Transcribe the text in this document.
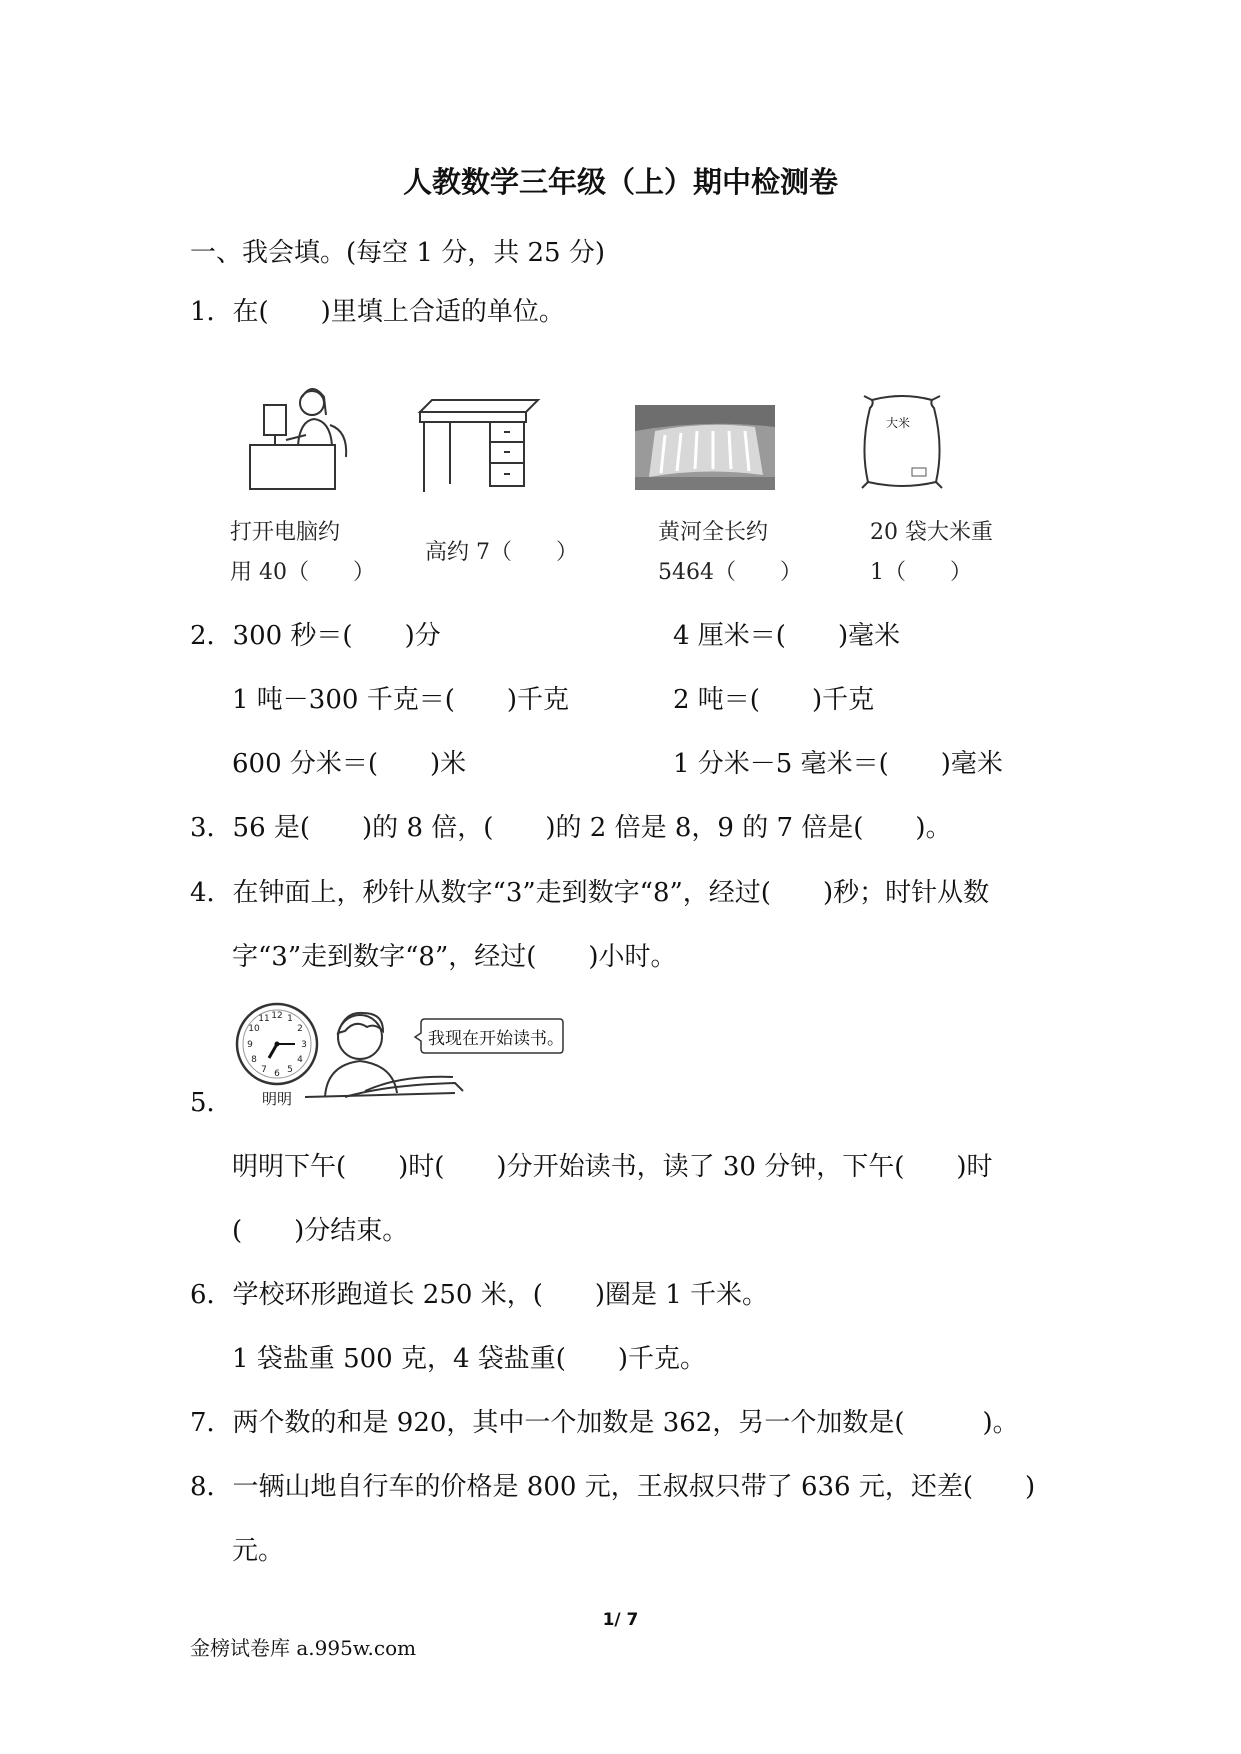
人教数学三年级（上）期中检测卷
一、我会填。(每空 1 分，共 25 分)
1．在(　　)里填上合适的单位。
大米
打开电脑约
用 40（　　）
高约 7（　　）
黄河全长约
5464（　　）
20 袋大米重
1（　　）
2．300 秒＝(　　)分	4 厘米＝(　　)毫米
1 吨－300 千克＝(　　)千克	2 吨＝(　　)千克
600 分米＝(　　)米	1 分米－5 毫米＝(　　)毫米
3．56 是(　　)的 8 倍，(　　)的 2 倍是 8，9 的 7 倍是(　　)。
4．在钟面上，秒针从数字“3”走到数字“8”，经过(　　)秒；时针从数
字“3”走到数字“8”，经过(　　)小时。
12 1
2
3
4
5
6
7
8
9
10
11
明明
我现在开始读书。
5．
明明下午(　　)时(　　)分开始读书，读了 30 分钟，下午(　　)时
(　　)分结束。
6．学校环形跑道长 250 米，(　　)圈是 1 千米。
1 袋盐重 500 克，4 袋盐重(　　)千克。
7．两个数的和是 920，其中一个加数是 362，另一个加数是(　　　)。
8．一辆山地自行车的价格是 800 元，王叔叔只带了 636 元，还差(　　)
元。
1/ 7
金榜试卷库 a.995w.com
